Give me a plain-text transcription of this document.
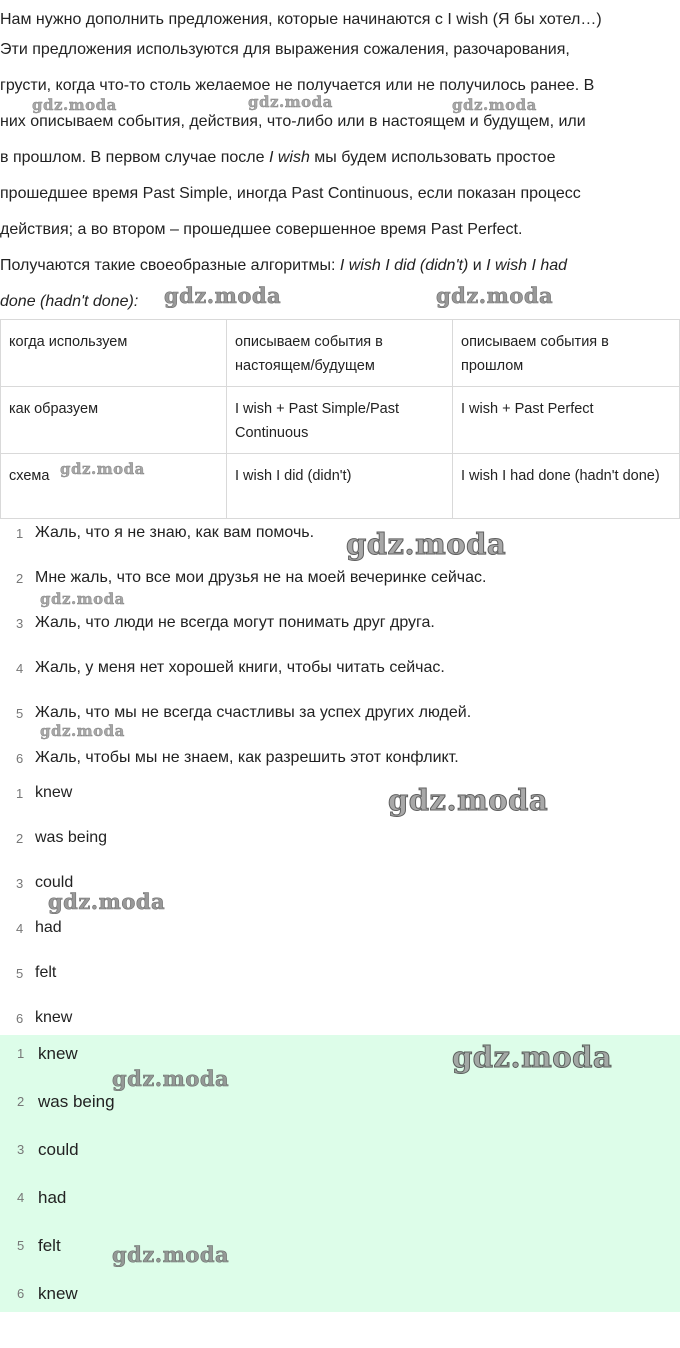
Нам нужно дополнить предложения, которые начинаются с I wish (Я бы хотел…)

Эти предложения используются для выражения сожаления, разочарования,

грусти, когда что-то столь желаемое не получается или не получилось ранее. В

них описываем события, действия, что-либо или в настоящем и будущем, или

в прошлом. В первом случае после I wish мы будем использовать простое

прошедшее время Past Simple, иногда Past Continuous, если показан процесс

действия; а во втором – прошедшее совершенное время Past Perfect.

Получаются такие своеобразные алгоритмы: I wish I did (didn't) и I wish I had

done (hadn't done):

когда используем	описываем события в настоящем/будущем	описываем события в прошлом
как образуем	I wish + Past Simple/Past Continuous	I wish + Past Perfect
схема	I wish I did (didn't)	I wish I had done (hadn't done)
1 Жаль, что я не знаю, как вам помочь.
2 Мне жаль, что все мои друзья не на моей вечеринке сейчас.
3 Жаль, что люди не всегда могут понимать друг друга.
4 Жаль, у меня нет хорошей книги, чтобы читать сейчас.
5 Жаль, что мы не всегда счастливы за успех других людей.
6 Жаль, чтобы мы не знаем, как разрешить этот конфликт.
1 knew
2 was being
3 could
4 had
5 felt
6 knew
1 knew
2 was being
3 could
4 had
5 felt
6 knew
gdz.moda	gdz.moda	gdz.moda
gdz.moda	gdz.moda
gdz.moda
gdz.moda
gdz.moda
gdz.moda
gdz.moda
gdz.moda
gdz.moda
gdz.moda
gdz.moda
